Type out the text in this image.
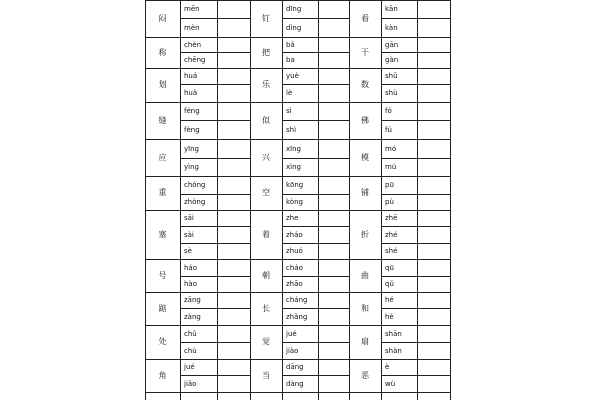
闷
mēn
mèn
称
chèn
chēng
划
huá
huà
缝
féng
fèng
应
yīng
yìng
重
chóng
zhòng
塞
sāi
sài
sè
号
háo
hào
踮
zāng
zàng
处
chǔ
chù
角
jué
jiǎo
钉
dīng
dìng
把
bǎ
ba
乐
yuè
lè
似
sì
shì
兴
xīng
xìng
空
kōng
kòng
着
zhe
zháo
zhuó
朝
cháo
zhāo
长
cháng
zhǎng
觉
jué
jiào
当
dāng
dàng
看
kān
kàn
干
gān
gàn
数
shǔ
shù
佛
fó
fú
模
mó
mú
铺
pū
pù
折
zhē
zhé
shé
曲
qū
qǔ
和
hé
hè
扇
shān
shàn
恶
è
wù
